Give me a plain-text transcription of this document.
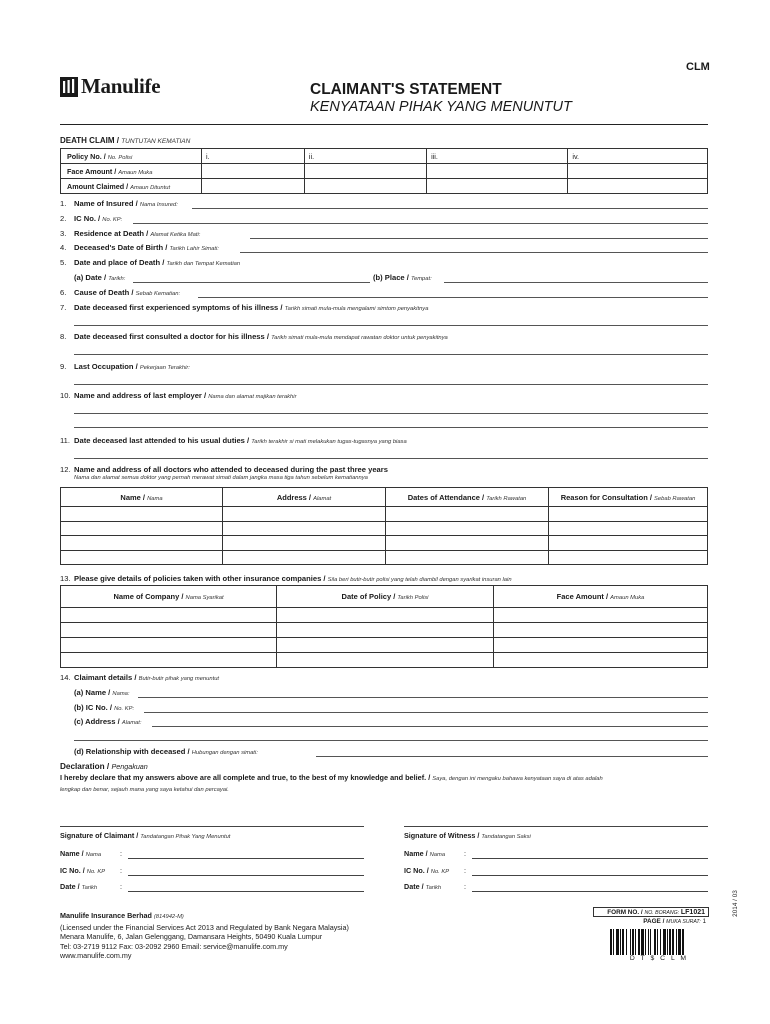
CLM
Manulife	CLAIMANT'S STATEMENT
KENYATAAN PIHAK YANG MENUNTUT
DEATH CLAIM / TUNTUTAN KEMATIAN
Policy No. / No. Polisi	i.	ii.	iii.	iv.
Face Amount / Amaun Muka				
Amount Claimed / Amaun Dituntut				
1. Name of Insured / Nama Insured:
2. IC No. / No. KP:
3. Residence at Death / Alamat Ketika Mati:
4. Deceased's Date of Birth / Tarikh Lahir Simati:
5. Date and place of Death / Tarikh dan Tempat Kematian
(a) Date / Tarikh:	(b) Place / Tempat:
6. Cause of Death / Sebab Kematian:
7. Date deceased first experienced symptoms of his illness / Tarikh simati mula-mula mengalami simtom penyakitnya
8. Date deceased first consulted a doctor for his illness / Tarikh simati mula-mula mendapat rawatan doktor untuk penyakitnya
9. Last Occupation / Pekerjaan Terakhir:
10. Name and address of last employer / Nama dan alamat majikan terakhir
11. Date deceased last attended to his usual duties / Tarikh terakhir si mati melakukan tugas-tugasnya yang biasa
12. Name and address of all doctors who attended to deceased during the past three years
Nama dan alamat semua doktor yang pernah merawat simati dalam jangka masa tiga tahun sebelum kematiannya
Name / Nama	Address / Alamat	Dates of Attendance / Tarikh Rawatan	Reason for Consultation / Sebab Rawatan

13. Please give details of policies taken with other insurance companies / Sila beri butir-butir polisi yang telah diambil dengan syarikat insuran lain
Name of Company / Nama Syarikat	Date of Policy / Tarikh Polisi	Face Amount / Amaun Muka

14. Claimant details / Butir-butir pihak yang menuntut
(a) Name / Nama:
(b) IC No. / No. KP:
(c) Address / Alamat:
(d) Relationship with deceased / Hubungan dengan simati:
Declaration / Pengakuan
I hereby declare that my answers above are all complete and true, to the best of my knowledge and belief. / Saya, dengan ini mengaku bahawa kenyataan saya di atas adalah
lengkap dan benar, sejauh mana yang saya ketahui dan percayai.
Signature of Claimant / Tandatangan Pihak Yang Menuntut	Signature of Witness / Tandatangan Saksi
Name / Nama	:	Name / Nama	:
IC No. / No. KP :	IC No. / No. KP :
Date / Tarikh	:	Date / Tarikh	:
Manulife Insurance Berhad (814942-M)
(Licensed under the Financial Services Act 2013 and Regulated by Bank Negara Malaysia)
Menara Manulife, 6, Jalan Gelenggang, Damansara Heights, 50490 Kuala Lumpur
Tel: 03-2719 9112 Fax: 03-2092 2960 Email: service@manulife.com.my
www.manulife.com.my
FORM NO. / NO. BORANG: LF1021
PAGE / MUKA SURAT: 1
D T $ C L M
2014 / 03
